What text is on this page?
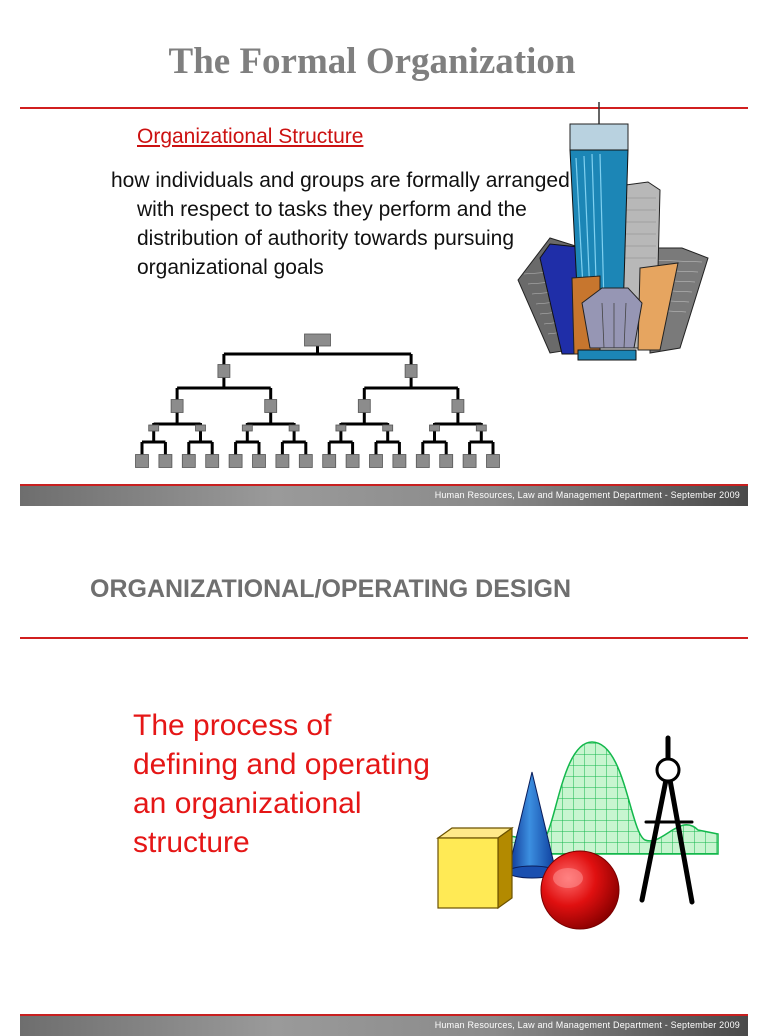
The Formal Organization
Organizational Structure
how individuals and groups are formally arranged with respect to tasks they perform and the distribution of authority towards pursuing organizational goals
Human Resources, Law and Management Department - September 2009
ORGANIZATIONAL/OPERATING DESIGN
The process of defining and operating an organizational structure
Human Resources, Law and Management Department - September 2009
